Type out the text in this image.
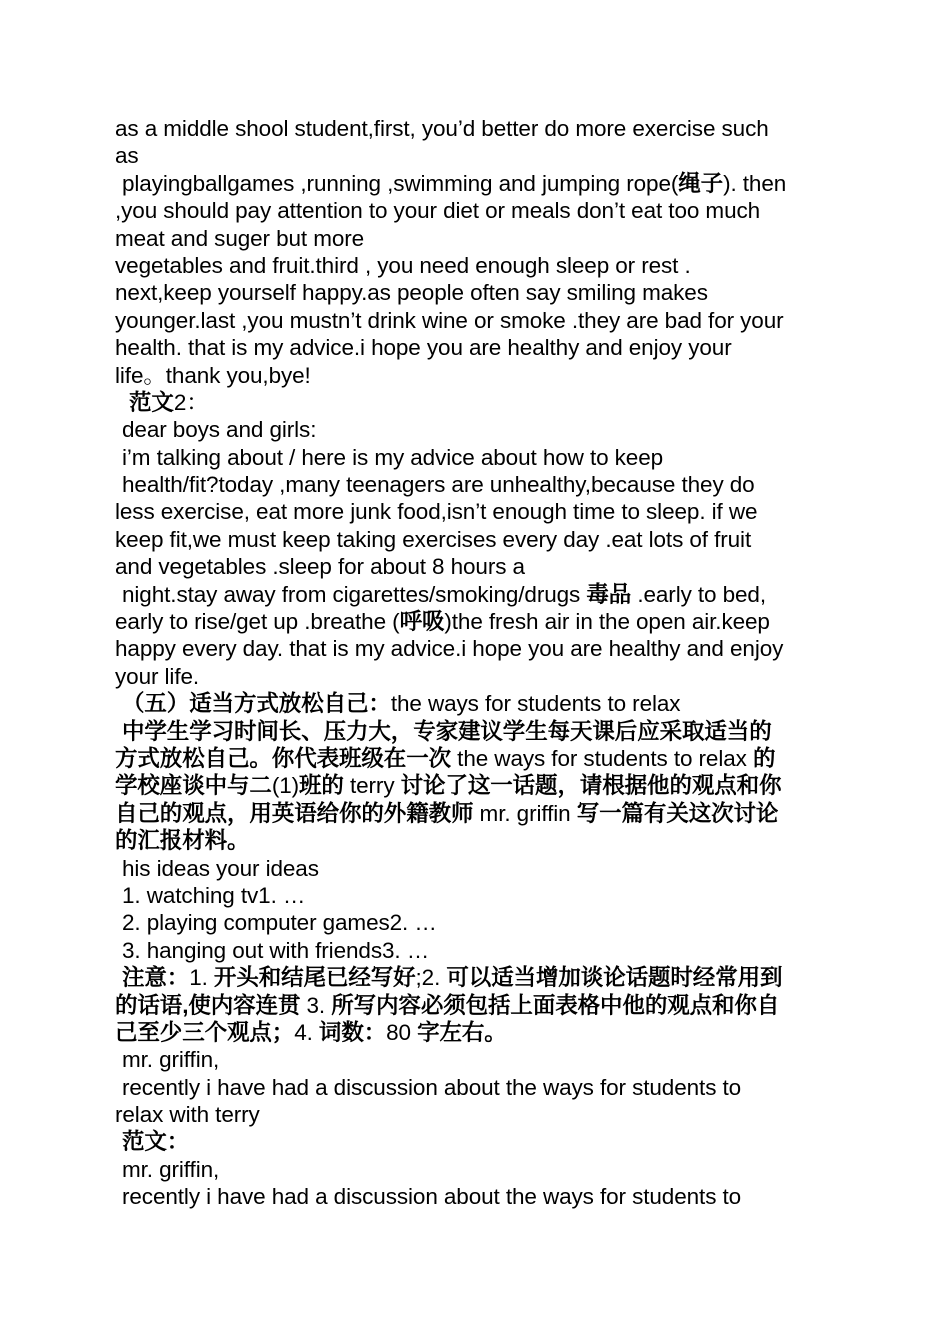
as a middle shool student,first, you’d better do more exercise such
as
playingballgames ,running ,swimming and jumping rope(绳子). then
,you should pay attention to your diet or meals don’t eat too much
meat and suger but more
vegetables and fruit.third , you need enough sleep or rest .
next,keep yourself happy.as people often say smiling makes
younger.last ,you mustn’t drink wine or smoke .they are bad for your
health. that is my advice.i hope you are healthy and enjoy your
life。thank you,bye!
范文2：
dear boys and girls:
i’m talking about / here is my advice about how to keep
health/fit?today ,many teenagers are unhealthy,because they do
less exercise, eat more junk food,isn’t enough time to sleep. if we
keep fit,we must keep taking exercises every day .eat lots of fruit
and vegetables .sleep for about 8 hours a
night.stay away from cigarettes/smoking/drugs 毒品 .early to bed,
early to rise/get up .breathe (呼吸)the fresh air in the open air.keep
happy every day. that is my advice.i hope you are healthy and enjoy
your life.
（五）适当方式放松自己：the ways for students to relax
中学生学习时间长、压力大，专家建议学生每天课后应采取适当的
方式放松自己。你代表班级在一次 the ways for students to relax 的
学校座谈中与二(1)班的 terry 讨论了这一话题，请根据他的观点和你
自己的观点，用英语给你的外籍教师 mr. griffin 写一篇有关这次讨论
的汇报材料。
his ideas your ideas
1. watching tv1. …
2. playing computer games2. …
3. hanging out with friends3. …
注意：1. 开头和结尾已经写好;2. 可以适当增加谈论话题时经常用到
的话语,使内容连贯 3. 所写内容必须包括上面表格中他的观点和你自
己至少三个观点；4. 词数：80 字左右。
mr. griffin,
recently i have had a discussion about the ways for students to
relax with terry
范文：
mr. griffin,
recently i have had a discussion about the ways for students to
